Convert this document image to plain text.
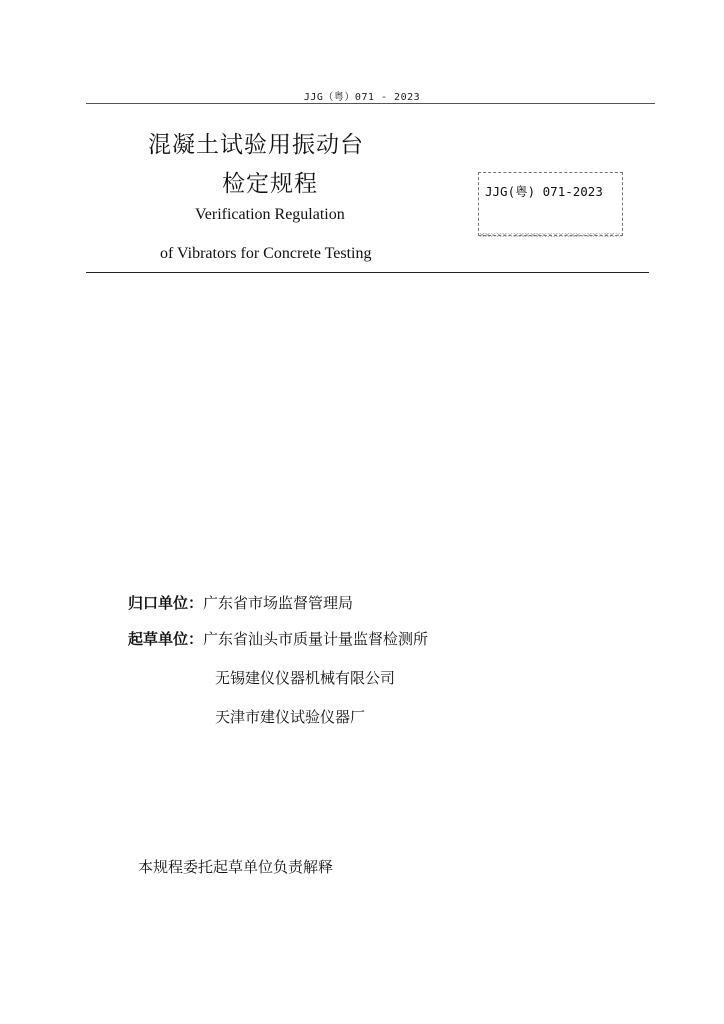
JJG（粤）071 - 2023
混凝土试验用振动台
检定规程
Verification Regulation
of Vibrators for Concrete Testing
JJG(粤) 071-2023
归口单位：广东省市场监督管理局
起草单位：广东省汕头市质量计量监督检测所
无锡建仪仪器机械有限公司
天津市建仪试验仪器厂
本规程委托起草单位负责解释
